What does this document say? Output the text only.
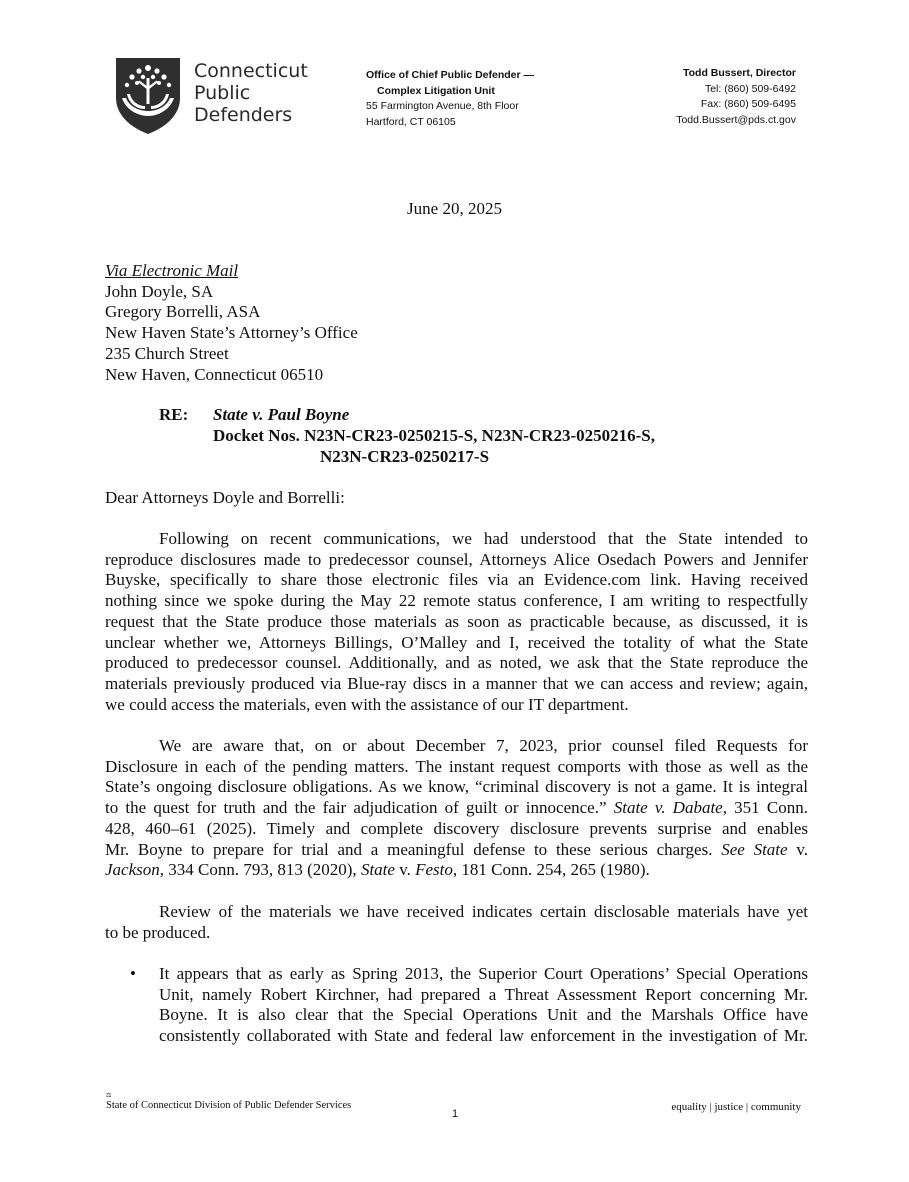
Connecticut
Public
Defenders
Office of Chief Public Defender —
Complex Litigation Unit
55 Farmington Avenue, 8th Floor
Hartford, CT 06105
Todd Bussert, Director
Tel: (860) 509-6492
Fax: (860) 509-6495
Todd.Bussert@pds.ct.gov
June 20, 2025
Via Electronic Mail
John Doyle, SA
Gregory Borrelli, ASA
New Haven State’s Attorney’s Office
235 Church Street
New Haven, Connecticut 06510
RE: State v. Paul Boyne
Docket Nos. N23N-CR23-0250215-S, N23N-CR23-0250216-S,
N23N-CR23-0250217-S
Dear Attorneys Doyle and Borrelli:
Following on recent communications, we had understood that the State intended to
reproduce disclosures made to predecessor counsel, Attorneys Alice Osedach Powers and Jennifer
Buyske, specifically to share those electronic files via an Evidence.com link. Having received
nothing since we spoke during the May 22 remote status conference, I am writing to respectfully
request that the State produce those materials as soon as practicable because, as discussed, it is
unclear whether we, Attorneys Billings, O’Malley and I, received the totality of what the State
produced to predecessor counsel. Additionally, and as noted, we ask that the State reproduce the
materials previously produced via Blue-ray discs in a manner that we can access and review; again,
we could access the materials, even with the assistance of our IT department.
We are aware that, on or about December 7, 2023, prior counsel filed Requests for
Disclosure in each of the pending matters. The instant request comports with those as well as the
State’s ongoing disclosure obligations. As we know, “criminal discovery is not a game. It is integral
to the quest for truth and the fair adjudication of guilt or innocence.” State v. Dabate, 351 Conn.
428, 460–61 (2025). Timely and complete discovery disclosure prevents surprise and enables
Mr. Boyne to prepare for trial and a meaningful defense to these serious charges. See State v.
Jackson, 334 Conn. 793, 813 (2020), State v. Festo, 181 Conn. 254, 265 (1980).
Review of the materials we have received indicates certain disclosable materials have yet
to be produced.
• It appears that as early as Spring 2013, the Superior Court Operations’ Special Operations
Unit, namely Robert Kirchner, had prepared a Threat Assessment Report concerning Mr.
Boyne. It is also clear that the Special Operations Unit and the Marshals Office have
consistently collaborated with State and federal law enforcement in the investigation of Mr.
⚖
State of Connecticut Division of Public Defender Services
1
equality | justice | community
